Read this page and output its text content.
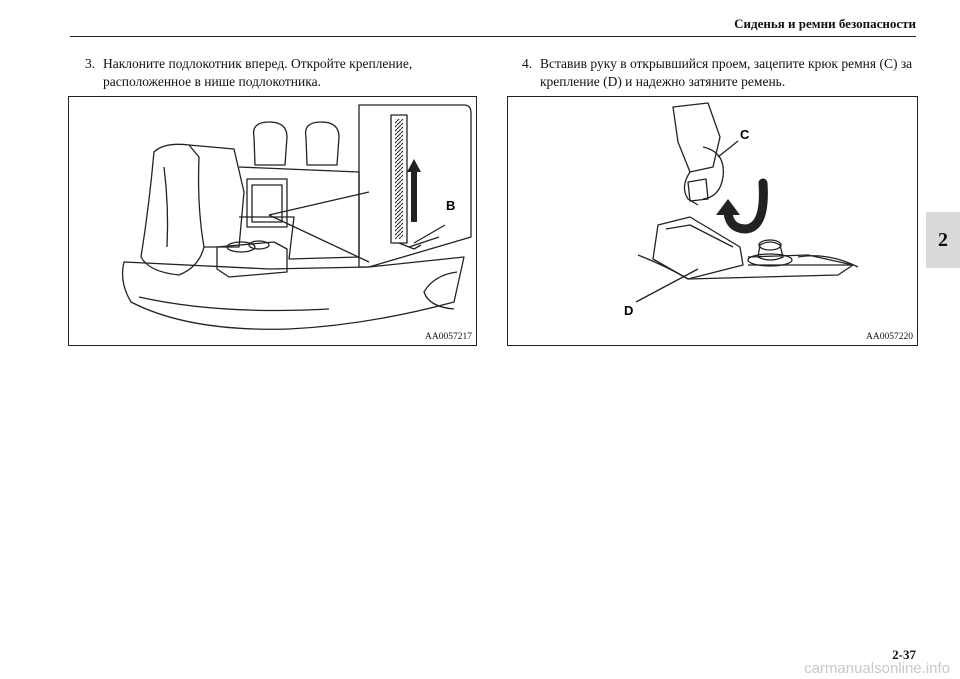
Сиденья и ремни безопасности
2
3. Наклоните подлокотник вперед. Откройте крепление, расположенное в нише подлокотника.
4. Вставив руку в открывшийся проем, зацепите крюк ремня (C) за крепление (D) и надежно затяните ремень.
B
AA0057217
C
D
AA0057220
2-37
carmanualsonline.info
